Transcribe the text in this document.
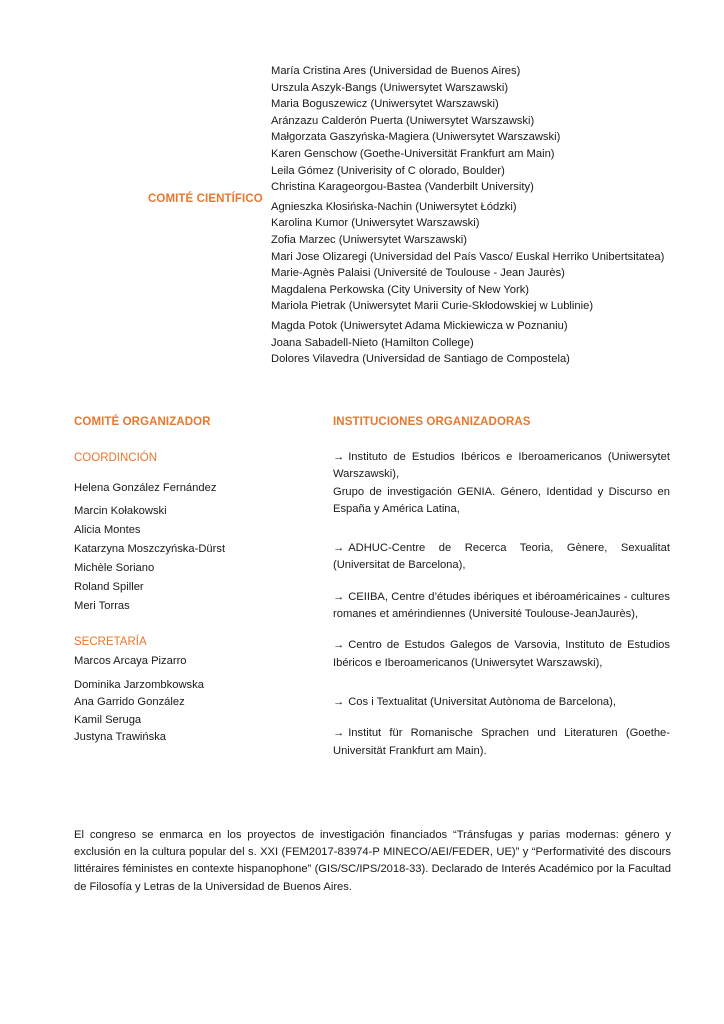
COMITÉ CIENTÍFICO
María Cristina Ares (Universidad de Buenos Aires)
Urszula Aszyk-Bangs (Uniwersytet Warszawski)
Maria Boguszewicz (Uniwersytet Warszawski)
Aránzazu Calderón Puerta (Uniwersytet Warszawski)
Małgorzata Gaszyńska-Magiera (Uniwersytet Warszawski)
Karen Genschow (Goethe-Universität Frankfurt am Main)
Leila Gómez (Univerisity of C olorado, Boulder)
Christina Karageorgou-Bastea (Vanderbilt University)
Agnieszka Kłosińska-Nachin (Uniwersytet Łódzki)
Karolina Kumor (Uniwersytet Warszawski)
Zofia Marzec (Uniwersytet Warszawski)
Mari Jose Olizaregi (Universidad del País Vasco/ Euskal Herriko Unibertsitatea)
Marie-Agnès Palaisi (Université de Toulouse - Jean Jaurès)
Magdalena Perkowska (City University of New York)
Mariola Pietrak (Uniwersytet Marii Curie-Skłodowskiej w Lublinie)
Magda Potok (Uniwersytet Adama Mickiewicza w Poznaniu)
Joana Sabadell-Nieto (Hamilton College)
Dolores Vilavedra (Universidad de Santiago de Compostela)
COMITÉ ORGANIZADOR
COORDINCIÓN
Helena González Fernández
Marcin Kołakowski
Alicia Montes
Katarzyna Moszczyńska-Dürst
Michèle Soriano
Roland Spiller
Meri Torras
SECRETARÍA
Marcos Arcaya Pizarro
Dominika Jarzombkowska
Ana Garrido González
Kamil Seruga
Justyna Trawińska
INSTITUCIONES ORGANIZADORAS
→ Instituto de Estudios Ibéricos e Iberoamericanos (Uniwersytet Warszawski),
Grupo de investigación GENIA. Género, Identidad y Discurso en España y América Latina,
→ ADHUC-Centre de Recerca Teoria, Gènere, Sexualitat (Universitat de Barcelona),
→ CEIIBA, Centre d’études ibériques et ibéroaméricaines - cultures romanes et amérindiennes (Université Toulouse-JeanJaurès),
→ Centro de Estudos Galegos de Varsovia, Instituto de Estudios Ibéricos e Iberoamericanos (Uniwersytet Warszawski),
→ Cos i Textualitat (Universitat Autònoma de Barcelona),
→ Institut für Romanische Sprachen und Literaturen (Goethe-Universität Frankfurt am Main).
El congreso se enmarca en los proyectos de investigación financiados “Tránsfugas y parias modernas: género y exclusión en la cultura popular del s. XXI (FEM2017-83974-P MINECO/AEI/FEDER, UE)” y “Performativité des discours littéraires féministes en contexte hispanophone” (GIS/SC/IPS/2018-33). Declarado de Interés Académico por la Facultad de Filosofía y Letras de la Universidad de Buenos Aires.
